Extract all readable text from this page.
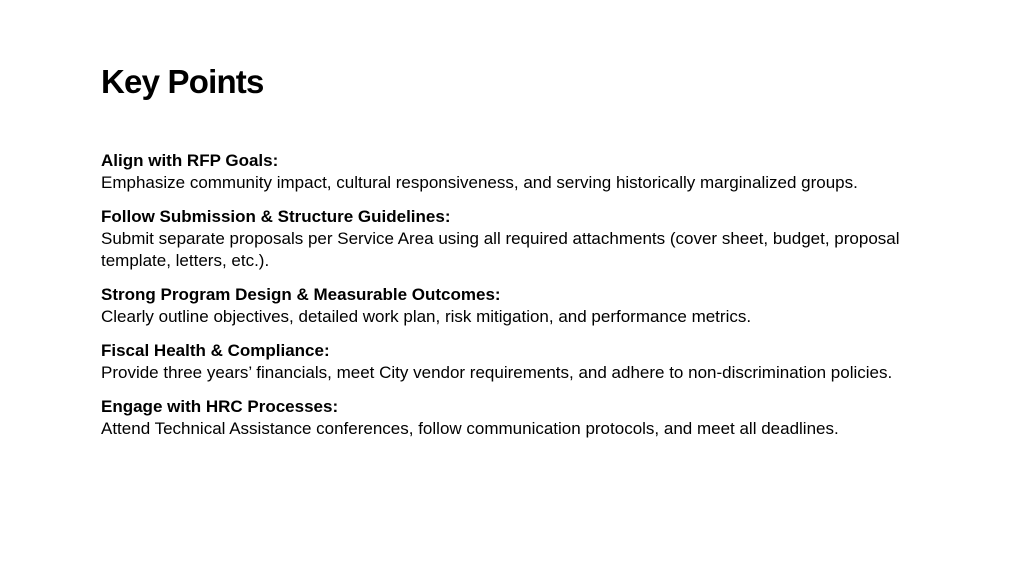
Key Points
Align with RFP Goals:
Emphasize community impact, cultural responsiveness, and serving historically marginalized groups.
Follow Submission & Structure Guidelines:
Submit separate proposals per Service Area using all required attachments (cover sheet, budget, proposal template, letters, etc.).
Strong Program Design & Measurable Outcomes:
Clearly outline objectives, detailed work plan, risk mitigation, and performance metrics.
Fiscal Health & Compliance:
Provide three years’ financials, meet City vendor requirements, and adhere to non-discrimination policies.
Engage with HRC Processes:
Attend Technical Assistance conferences, follow communication protocols, and meet all deadlines.
